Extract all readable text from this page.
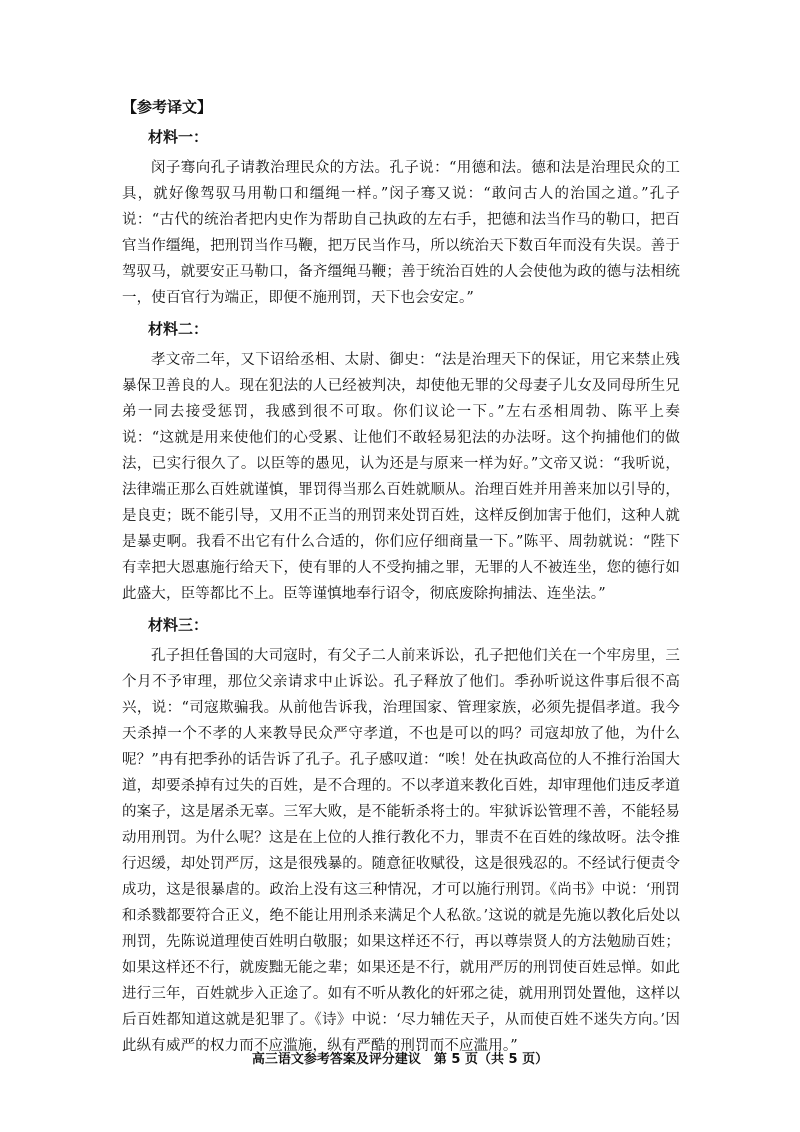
【参考译文】
材料一：

闵子骞向孔子请教治理民众的方法。孔子说：“用德和法。德和法是治理民众的工具，就好像驾驭马用勒口和缰绳一样。”闵子骞又说：“敢问古人的治国之道。”孔子说：“古代的统治者把内史作为帮助自己执政的左右手，把德和法当作马的勒口，把百官当作缰绳，把刑罚当作马鞭，把万民当作马，所以统治天下数百年而没有失误。善于驾驭马，就要安正马勒口，备齐缰绳马鞭；善于统治百姓的人会使他为政的德与法相统一，使百官行为端正，即便不施刑罚，天下也会安定。”

材料二：

孝文帝二年，又下诏给丞相、太尉、御史：“法是治理天下的保证，用它来禁止残暴保卫善良的人。现在犯法的人已经被判决，却使他无罪的父母妻子儿女及同母所生兄弟一同去接受惩罚，我感到很不可取。你们议论一下。”左右丞相周勃、陈平上奏说：“这就是用来使他们的心受累、让他们不敢轻易犯法的办法呀。这个拘捕他们的做法，已实行很久了。以臣等的愚见，认为还是与原来一样为好。”文帝又说：“我听说，法律端正那么百姓就谨慎，罪罚得当那么百姓就顺从。治理百姓并用善来加以引导的，是良吏；既不能引导，又用不正当的刑罚来处罚百姓，这样反倒加害于他们，这种人就是暴吏啊。我看不出它有什么合适的，你们应仔细商量一下。”陈平、周勃就说：“陛下有幸把大恩惠施行给天下，使有罪的人不受拘捕之罪，无罪的人不被连坐，您的德行如此盛大，臣等都比不上。臣等谨慎地奉行诏令，彻底废除拘捕法、连坐法。”

材料三：

孔子担任鲁国的大司寇时，有父子二人前来诉讼，孔子把他们关在一个牢房里，三个月不予审理，那位父亲请求中止诉讼。孔子释放了他们。季孙听说这件事后很不高兴，说：“司寇欺骗我。从前他告诉我，治理国家、管理家族，必须先提倡孝道。我今天杀掉一个不孝的人来教导民众严守孝道，不也是可以的吗？司寇却放了他，为什么呢？”冉有把季孙的话告诉了孔子。孔子感叹道：“唉！处在执政高位的人不推行治国大道，却要杀掉有过失的百姓，是不合理的。不以孝道来教化百姓，却审理他们违反孝道的案子，这是屠杀无辜。三军大败，是不能斩杀将士的。牢狱诉讼管理不善，不能轻易动用刑罚。为什么呢？这是在上位的人推行教化不力，罪责不在百姓的缘故呀。法令推行迟缓，却处罚严厉，这是很残暴的。随意征收赋役，这是很残忍的。不经试行便责令成功，这是很暴虐的。政治上没有这三种情况，才可以施行刑罚。《尚书》中说：‘刑罚和杀戮都要符合正义，绝不能让用刑杀来满足个人私欲。’这说的就是先施以教化后处以刑罚，先陈说道理使百姓明白敬服；如果这样还不行，再以尊崇贤人的方法勉励百姓；如果这样还不行，就废黜无能之辈；如果还是不行，就用严厉的刑罚使百姓忌惮。如此进行三年，百姓就步入正途了。如有不听从教化的奸邪之徒，就用刑罚处置他，这样以后百姓都知道这就是犯罪了。《诗》中说：‘尽力辅佐天子，从而使百姓不迷失方向。’因此纵有威严的权力而不应滥施，纵有严酷的刑罚而不应滥用。”

高三语文参考答案及评分建议　第 5 页（共 5 页）
